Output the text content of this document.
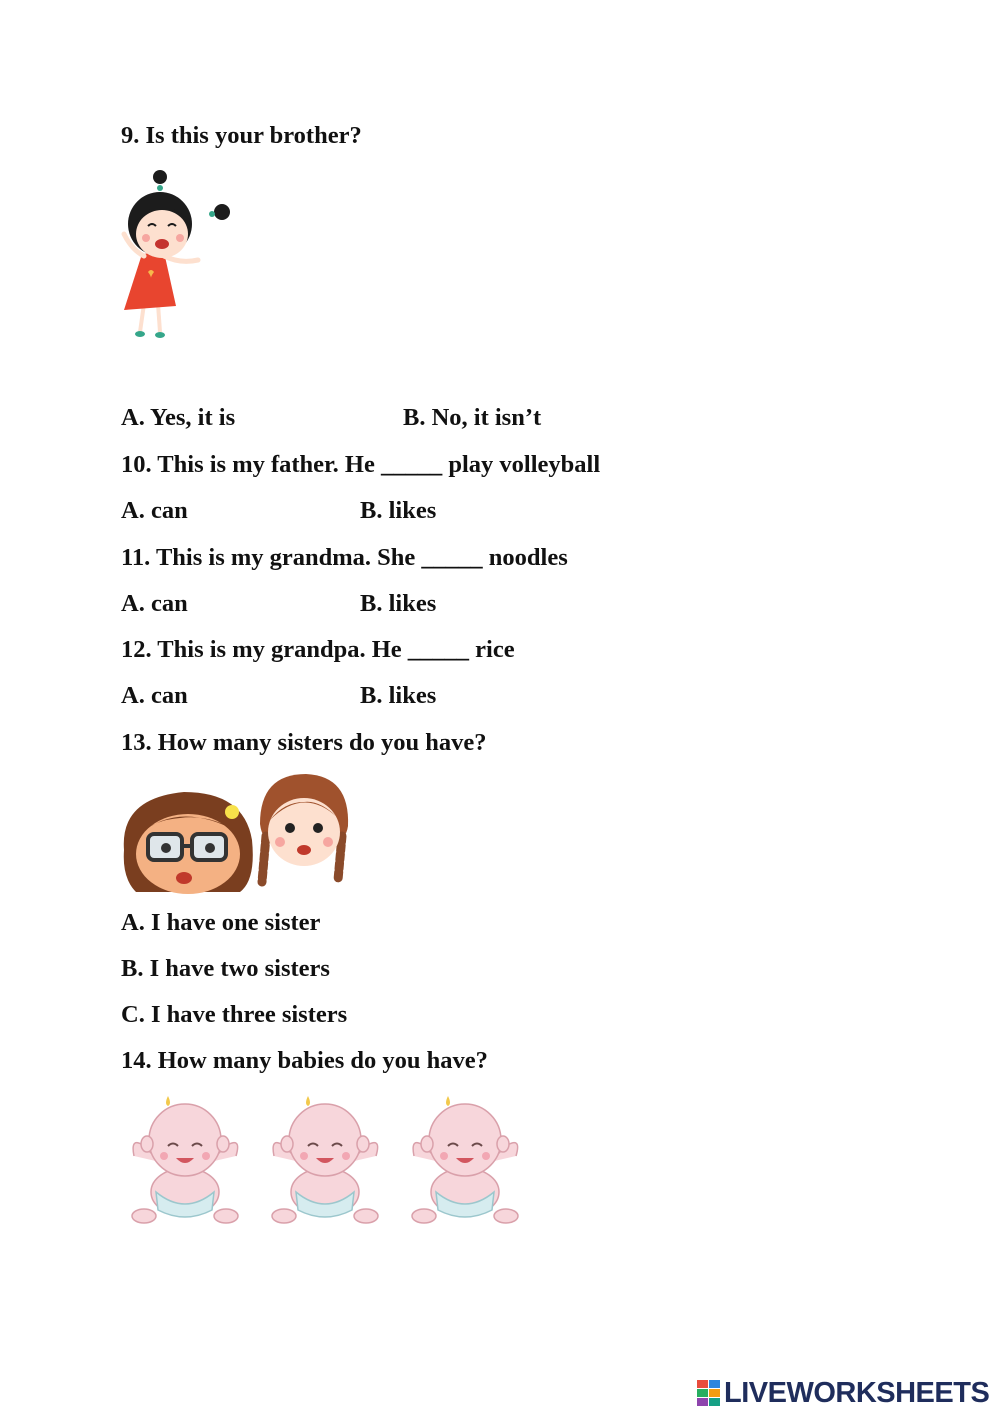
9. Is this your brother?
A. Yes, it is	B. No, it isn’t
10. This is my father. He _____ play volleyball
A. can	B. likes
11. This is my grandma. She _____ noodles
A. can	B. likes
12. This is my grandpa. He _____ rice
A. can	B. likes
13. How many sisters do you have?
A. I have one sister
B. I have two sisters
C. I have three sisters
14. How many babies do you have?
LIVEWORKSHEETS
